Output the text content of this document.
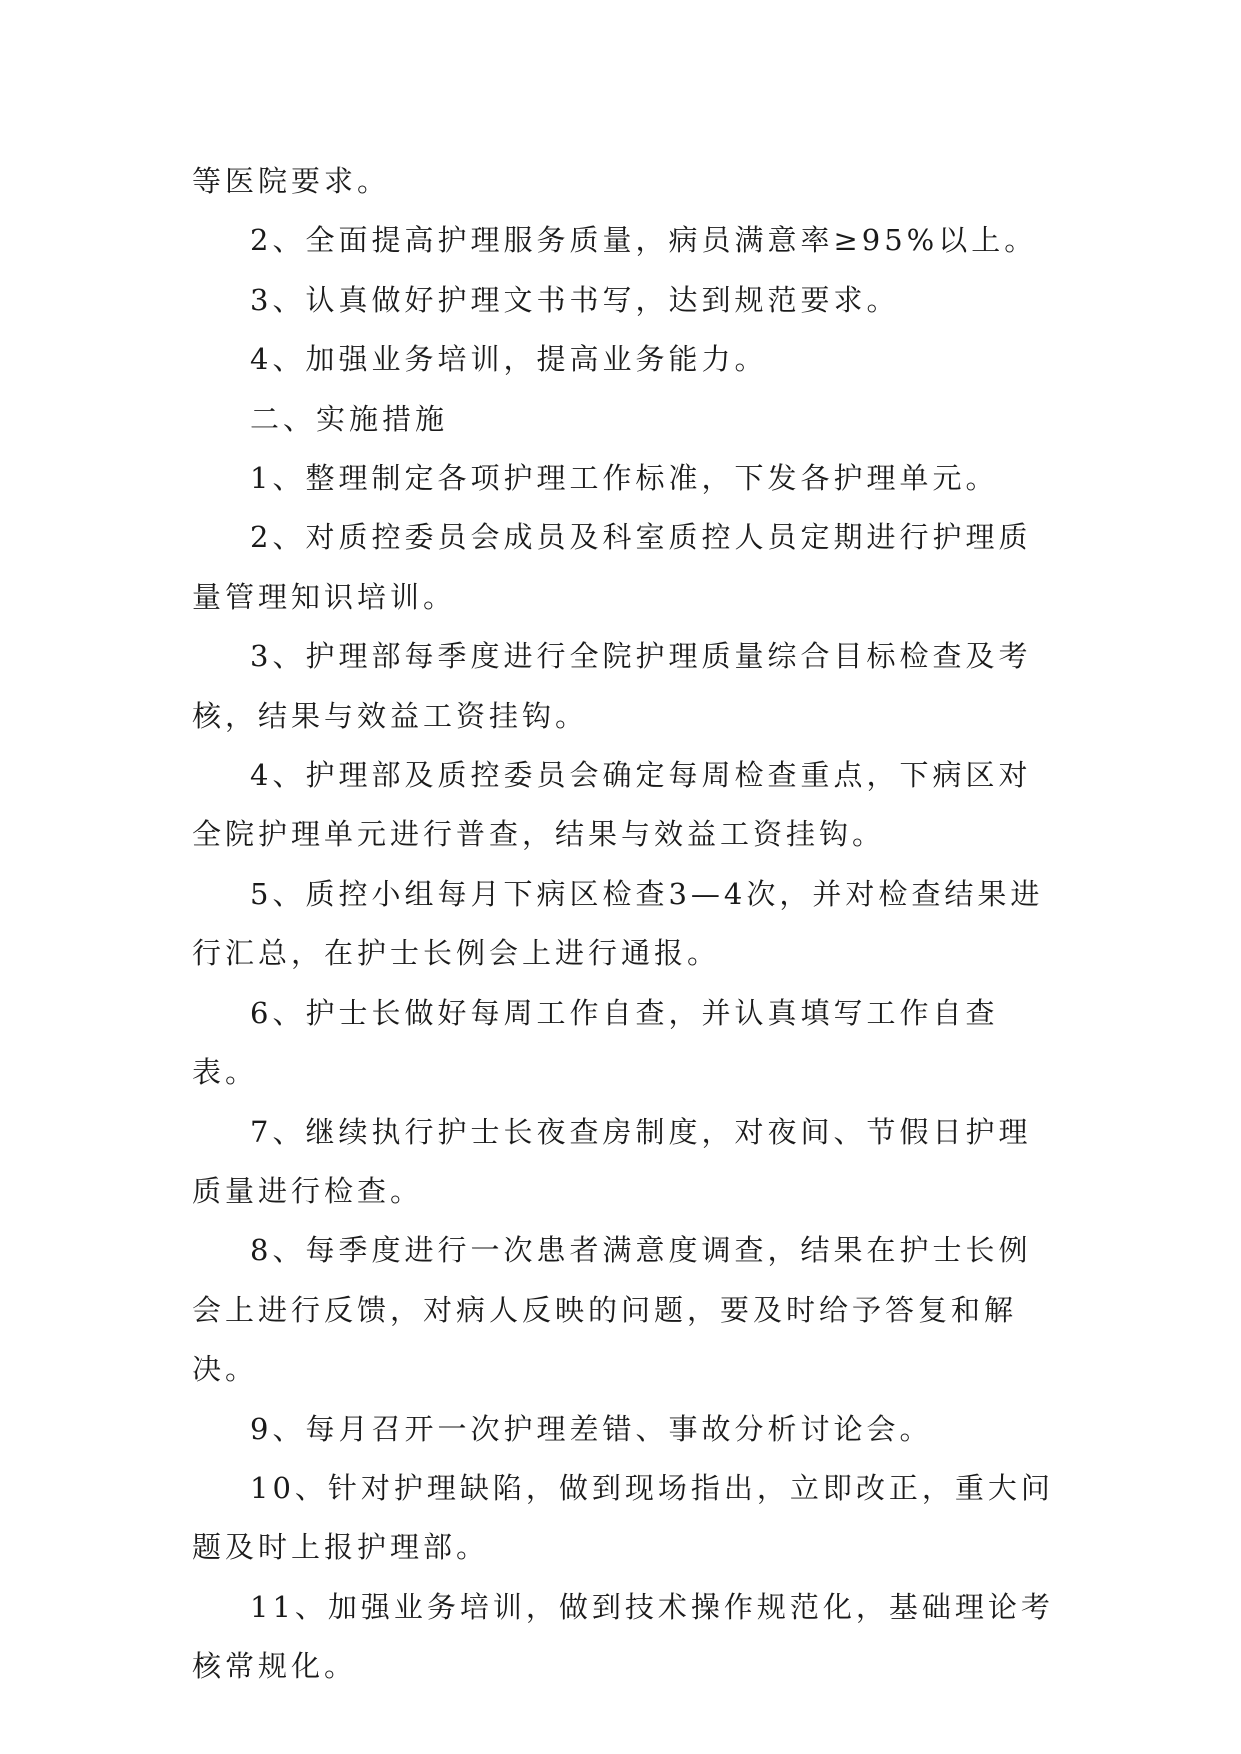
等医院要求。

2、全面提高护理服务质量，病员满意率≥95%以上。

3、认真做好护理文书书写，达到规范要求。

4、加强业务培训，提高业务能力。

二、实施措施

1、整理制定各项护理工作标准，下发各护理单元。

2、对质控委员会成员及科室质控人员定期进行护理质量管理知识培训。

3、护理部每季度进行全院护理质量综合目标检查及考核，结果与效益工资挂钩。

4、护理部及质控委员会确定每周检查重点，下病区对全院护理单元进行普查，结果与效益工资挂钩。

5、质控小组每月下病区检查3—4次，并对检查结果进行汇总，在护士长例会上进行通报。

6、护士长做好每周工作自查，并认真填写工作自查表。

7、继续执行护士长夜查房制度，对夜间、节假日护理质量进行检查。

8、每季度进行一次患者满意度调查，结果在护士长例会上进行反馈，对病人反映的问题，要及时给予答复和解决。

9、每月召开一次护理差错、事故分析讨论会。

10、针对护理缺陷，做到现场指出，立即改正，重大问题及时上报护理部。

11、加强业务培训，做到技术操作规范化，基础理论考核常规化。
